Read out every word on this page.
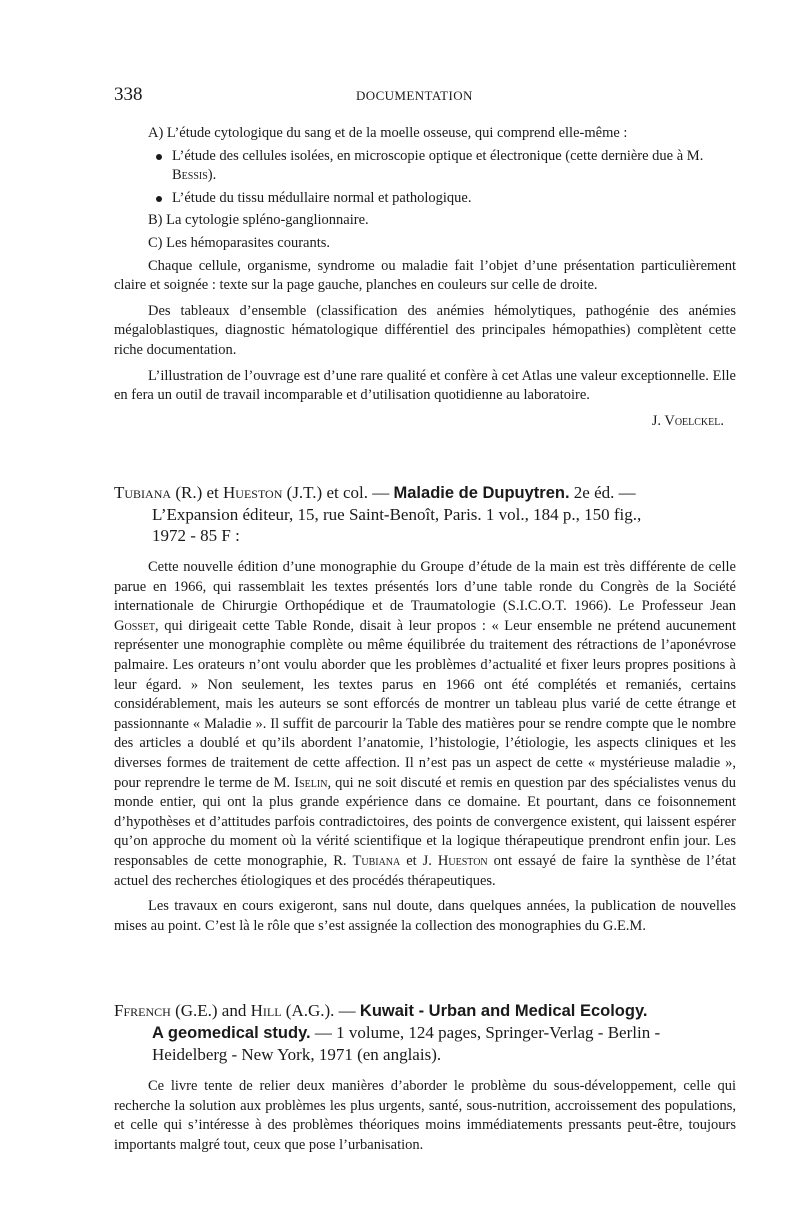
338	DOCUMENTATION
A) L’étude cytologique du sang et de la moelle osseuse, qui comprend elle-même :
L’étude des cellules isolées, en microscopie optique et électronique (cette dernière due à M. Bessis).
L’étude du tissu médullaire normal et pathologique.
B) La cytologie spléno-ganglionnaire.
C) Les hémoparasites courants.

Chaque cellule, organisme, syndrome ou maladie fait l’objet d’une présentation particulièrement claire et soignée : texte sur la page gauche, planches en couleurs sur celle de droite.

Des tableaux d’ensemble (classification des anémies hémolytiques, pathogénie des anémies mégaloblastiques, diagnostic hématologique différentiel des principales hémopathies) complètent cette riche documentation.

L’illustration de l’ouvrage est d’une rare qualité et confère à cet Atlas une valeur exceptionnelle. Elle en fera un outil de travail incomparable et d’utilisation quotidienne au laboratoire.

J. Voelckel.
Tubiana (R.) et Hueston (J.T.) et col. — Maladie de Dupuytren. 2e éd. —
L’Expansion éditeur, 15, rue Saint-Benoît, Paris. 1 vol., 184 p., 150 fig.,
1972 - 85 F :

Cette nouvelle édition d’une monographie du Groupe d’étude de la main est très différente de celle parue en 1966, qui rassemblait les textes présentés lors d’une table ronde du Congrès de la Société internationale de Chirurgie Orthopédique et de Traumatologie (S.I.C.O.T. 1966). Le Professeur Jean Gosset, qui dirigeait cette Table Ronde, disait à leur propos : « Leur ensemble ne prétend aucunement représenter une monographie complète ou même équilibrée du traitement des rétractions de l’aponévrose palmaire. Les orateurs n’ont voulu aborder que les problèmes d’actualité et fixer leurs propres positions à leur égard. » Non seulement, les textes parus en 1966 ont été complétés et remaniés, certains considérablement, mais les auteurs se sont efforcés de montrer un tableau plus varié de cette étrange et passionnante « Maladie ». Il suffit de parcourir la Table des matières pour se rendre compte que le nombre des articles a doublé et qu’ils abordent l’anatomie, l’histologie, l’étiologie, les aspects cliniques et les diverses formes de traitement de cette affection. Il n’est pas un aspect de cette « mystérieuse maladie », pour reprendre le terme de M. Iselin, qui ne soit discuté et remis en question par des spécialistes venus du monde entier, qui ont la plus grande expérience dans ce domaine. Et pourtant, dans ce foisonnement d’hypothèses et d’attitudes parfois contradictoires, des points de convergence existent, qui laissent espérer qu’on approche du moment où la vérité scientifique et la logique thérapeutique prendront enfin jour. Les responsables de cette monographie, R. Tubiana et J. Hueston ont essayé de faire la synthèse de l’état actuel des recherches étiologiques et des procédés thérapeutiques.

Les travaux en cours exigeront, sans nul doute, dans quelques années, la publication de nouvelles mises au point. C’est là le rôle que s’est assignée la collection des monographies du G.E.M.

Ffrench (G.E.) and Hill (A.G.). — Kuwait - Urban and Medical Ecology.
A geomedical study. — 1 volume, 124 pages, Springer-Verlag - Berlin -
Heidelberg - New York, 1971 (en anglais).

Ce livre tente de relier deux manières d’aborder le problème du sous-développement, celle qui recherche la solution aux problèmes les plus urgents, santé, sous-nutrition, accroissement des populations, et celle qui s’intéresse à des problèmes théoriques moins immédiatements pressants peut-être, toujours importants malgré tout, ceux que pose l’urbanisation.
